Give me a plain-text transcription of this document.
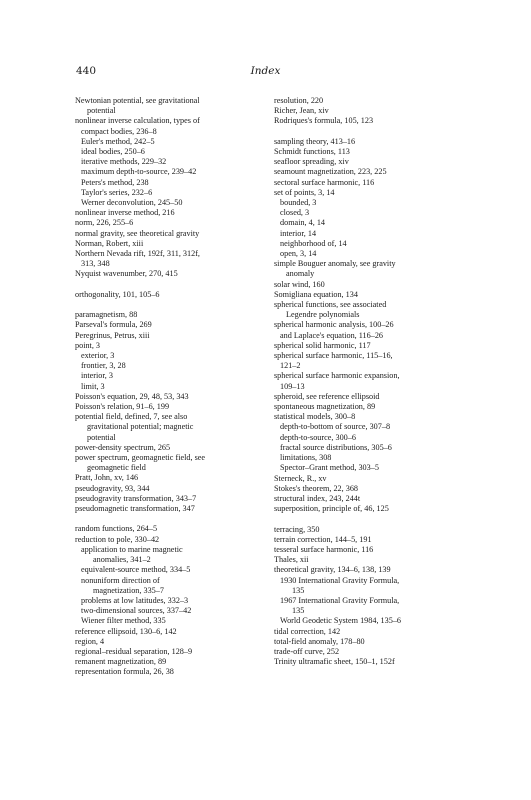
440	Index
Newtonian potential, see gravitational
potential
nonlinear inverse calculation, types of
compact bodies, 236–8
Euler's method, 242–5
ideal bodies, 250–6
iterative methods, 229–32
maximum depth-to-source, 239–42
Peters's method, 238
Taylor's series, 232–6
Werner deconvolution, 245–50
nonlinear inverse method, 216
norm, 226, 255–6
normal gravity, see theoretical gravity
Norman, Robert, xiii
Northern Nevada rift, 192f, 311, 312f,
313, 348
Nyquist wavenumber, 270, 415
orthogonality, 101, 105–6
paramagnetism, 88
Parseval's formula, 269
Peregrinus, Petrus, xiii
point, 3
exterior, 3
frontier, 3, 28
interior, 3
limit, 3
Poisson's equation, 29, 48, 53, 343
Poisson's relation, 91–6, 199
potential field, defined, 7, see also
gravitational potential; magnetic
potential
power-density spectrum, 265
power spectrum, geomagnetic field, see
geomagnetic field
Pratt, John, xv, 146
pseudogravity, 93, 344
pseudogravity transformation, 343–7
pseudomagnetic transformation, 347
random functions, 264–5
reduction to pole, 330–42
application to marine magnetic
anomalies, 341–2
equivalent-source method, 334–5
nonuniform direction of
magnetization, 335–7
problems at low latitudes, 332–3
two-dimensional sources, 337–42
Wiener filter method, 335
reference ellipsoid, 130–6, 142
region, 4
regional–residual separation, 128–9
remanent magnetization, 89
representation formula, 26, 38
resolution, 220
Richer, Jean, xiv
Rodriques's formula, 105, 123
sampling theory, 413–16
Schmidt functions, 113
seafloor spreading, xiv
seamount magnetization, 223, 225
sectoral surface harmonic, 116
set of points, 3, 14
bounded, 3
closed, 3
domain, 4, 14
interior, 14
neighborhood of, 14
open, 3, 14
simple Bouguer anomaly, see gravity
anomaly
solar wind, 160
Somigliana equation, 134
spherical functions, see associated
Legendre polynomials
spherical harmonic analysis, 100–26
and Laplace's equation, 116–26
spherical solid harmonic, 117
spherical surface harmonic, 115–16,
121–2
spherical surface harmonic expansion,
109–13
spheroid, see reference ellipsoid
spontaneous magnetization, 89
statistical models, 300–8
depth-to-bottom of source, 307–8
depth-to-source, 300–6
fractal source distributions, 305–6
limitations, 308
Spector–Grant method, 303–5
Sterneck, R., xv
Stokes's theorem, 22, 368
structural index, 243, 244t
superposition, principle of, 46, 125
terracing, 350
terrain correction, 144–5, 191
tesseral surface harmonic, 116
Thales, xii
theoretical gravity, 134–6, 138, 139
1930 International Gravity Formula,
135
1967 International Gravity Formula,
135
World Geodetic System 1984, 135–6
tidal correction, 142
total-field anomaly, 178–80
trade-off curve, 252
Trinity ultramafic sheet, 150–1, 152f
